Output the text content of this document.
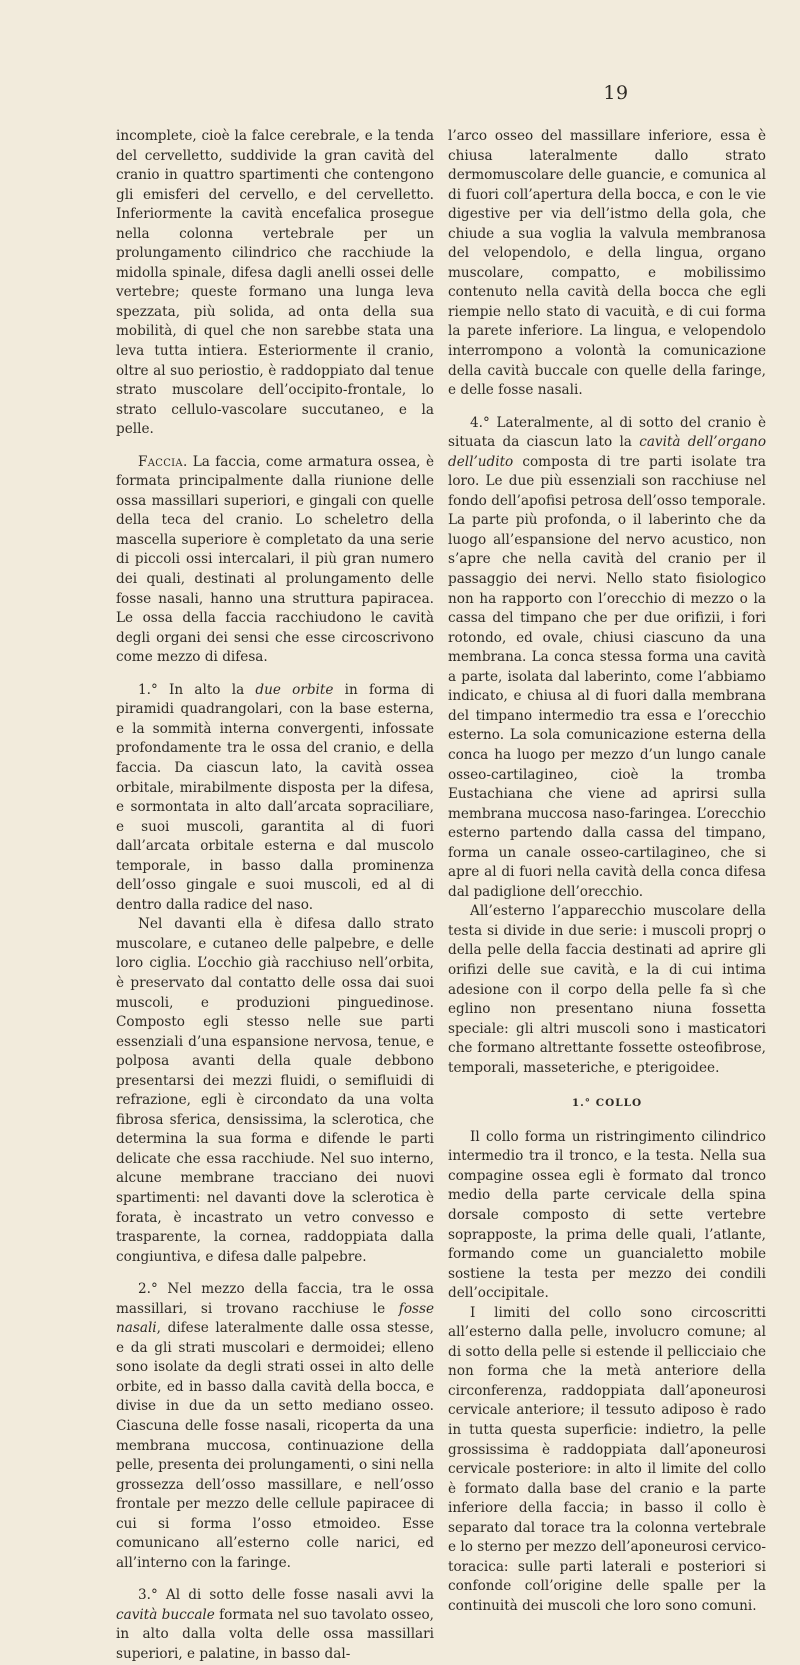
19

incomplete, cioè la falce cerebrale, e la tenda del cervelletto, suddivide la gran cavità del cranio in quattro spartimenti che contengono gli emisferi del cervello, e del cervelletto. Inferiormente la cavità encefalica prosegue nella colonna vertebrale per un prolungamento cilindrico che racchiude la midolla spinale, difesa dagli anelli ossei delle vertebre; queste formano una lunga leva spezzata, più solida, ad onta della sua mobilità, di quel che non sarebbe stata una leva tutta intiera. Esteriormente il cranio, oltre al suo periostio, è raddoppiato dal tenue strato muscolare dell’occipito-frontale, lo strato cellulo-vascolare succutaneo, e la pelle.

Faccia. La faccia, come armatura ossea, è formata principalmente dalla riunione delle ossa massillari superiori, e gingali con quelle della teca del cranio. Lo scheletro della mascella superiore è completato da una serie di piccoli ossi intercalari, il più gran numero dei quali, destinati al prolungamento delle fosse nasali, hanno una struttura papiracea. Le ossa della faccia racchiudono le cavità degli organi dei sensi che esse circoscrivono come mezzo di difesa.

1.° In alto la due orbite in forma di piramidi quadrangolari, con la base esterna, e la sommità interna convergenti, infossate profondamente tra le ossa del cranio, e della faccia. Da ciascun lato, la cavità ossea orbitale, mirabilmente disposta per la difesa, e sormontata in alto dall’arcata sopraciliare, e suoi muscoli, garantita al di fuori dall’arcata orbitale esterna e dal muscolo temporale, in basso dalla prominenza dell’osso gingale e suoi muscoli, ed al di dentro dalla radice del naso.

Nel davanti ella è difesa dallo strato muscolare, e cutaneo delle palpebre, e delle loro ciglia. L’occhio già racchiuso nell’orbita, è preservato dal contatto delle ossa dai suoi muscoli, e produzioni pinguedinose. Composto egli stesso nelle sue parti essenziali d’una espansione nervosa, tenue, e polposa avanti della quale debbono presentarsi dei mezzi fluidi, o semifluidi di refrazione, egli è circondato da una volta fibrosa sferica, densissima, la sclerotica, che determina la sua forma e difende le parti delicate che essa racchiude. Nel suo interno, alcune membrane tracciano dei nuovi spartimenti: nel davanti dove la sclerotica è forata, è incastrato un vetro convesso e trasparente, la cornea, raddoppiata dalla congiuntiva, e difesa dalle palpebre.

2.° Nel mezzo della faccia, tra le ossa massillari, si trovano racchiuse le fosse nasali, difese lateralmente dalle ossa stesse, e da gli strati muscolari e dermoidei; elleno sono isolate da degli strati ossei in alto delle orbite, ed in basso dalla cavità della bocca, e divise in due da un setto mediano osseo. Ciascuna delle fosse nasali, ricoperta da una membrana muccosa, continuazione della pelle, presenta dei prolungamenti, o sini nella grossezza dell’osso massillare, e nell’osso frontale per mezzo delle cellule papiracee di cui si forma l’osso etmoideo. Esse comunicano all’esterno colle narici, ed all’interno con la faringe.

3.° Al di sotto delle fosse nasali avvi la cavità buccale formata nel suo tavolato osseo, in alto dalla volta delle ossa massillari superiori, e palatine, in basso dal-

l’arco osseo del massillare inferiore, essa è chiusa lateralmente dallo strato dermomuscolare delle guancie, e comunica al di fuori coll’apertura della bocca, e con le vie digestive per via dell’istmo della gola, che chiude a sua voglia la valvula membranosa del velopendolo, e della lingua, organo muscolare, compatto, e mobilissimo contenuto nella cavità della bocca che egli riempie nello stato di vacuità, e di cui forma la parete inferiore. La lingua, e velopendolo interrompono a volontà la comunicazione della cavità buccale con quelle della faringe, e delle fosse nasali.

4.° Lateralmente, al di sotto del cranio è situata da ciascun lato la cavità dell’organo dell’udito composta di tre parti isolate tra loro. Le due più essenziali son racchiuse nel fondo dell’apofisi petrosa dell’osso temporale. La parte più profonda, o il laberinto che da luogo all’espansione del nervo acustico, non s’apre che nella cavità del cranio per il passaggio dei nervi. Nello stato fisiologico non ha rapporto con l’orecchio di mezzo o la cassa del timpano che per due orifizii, i fori rotondo, ed ovale, chiusi ciascuno da una membrana. La conca stessa forma una cavità a parte, isolata dal laberinto, come l’abbiamo indicato, e chiusa al di fuori dalla membrana del timpano intermedio tra essa e l’orecchio esterno. La sola comunicazione esterna della conca ha luogo per mezzo d’un lungo canale osseo-cartilagineo, cioè la tromba Eustachiana che viene ad aprirsi sulla membrana muccosa naso-faringea. L’orecchio esterno partendo dalla cassa del timpano, forma un canale osseo-cartilagineo, che si apre al di fuori nella cavità della conca difesa dal padiglione dell’orecchio.

All’esterno l’apparecchio muscolare della testa si divide in due serie: i muscoli proprj o della pelle della faccia destinati ad aprire gli orifizi delle sue cavità, e la di cui intima adesione con il corpo della pelle fa sì che eglino non presentano niuna fossetta speciale: gli altri muscoli sono i masticatori che formano altrettante fossette osteofibrose, temporali, masseteriche, e pterigoidee.

1.° COLLO

Il collo forma un ristringimento cilindrico intermedio tra il tronco, e la testa. Nella sua compagine ossea egli è formato dal tronco medio della parte cervicale della spina dorsale composto di sette vertebre soprapposte, la prima delle quali, l’atlante, formando come un guancialetto mobile sostiene la testa per mezzo dei condili dell’occipitale.

I limiti del collo sono circoscritti all’esterno dalla pelle, involucro comune; al di sotto della pelle si estende il pellicciaio che non forma che la metà anteriore della circonferenza, raddoppiata dall’aponeurosi cervicale anteriore; il tessuto adiposo è rado in tutta questa superficie: indietro, la pelle grossissima è raddoppiata dall’aponeurosi cervicale posteriore: in alto il limite del collo è formato dalla base del cranio e la parte inferiore della faccia; in basso il collo è separato dal torace tra la colonna vertebrale e lo sterno per mezzo dell’aponeurosi cervico-toracica: sulle parti laterali e posteriori si confonde coll’origine delle spalle per la continuità dei muscoli che loro sono comuni.
